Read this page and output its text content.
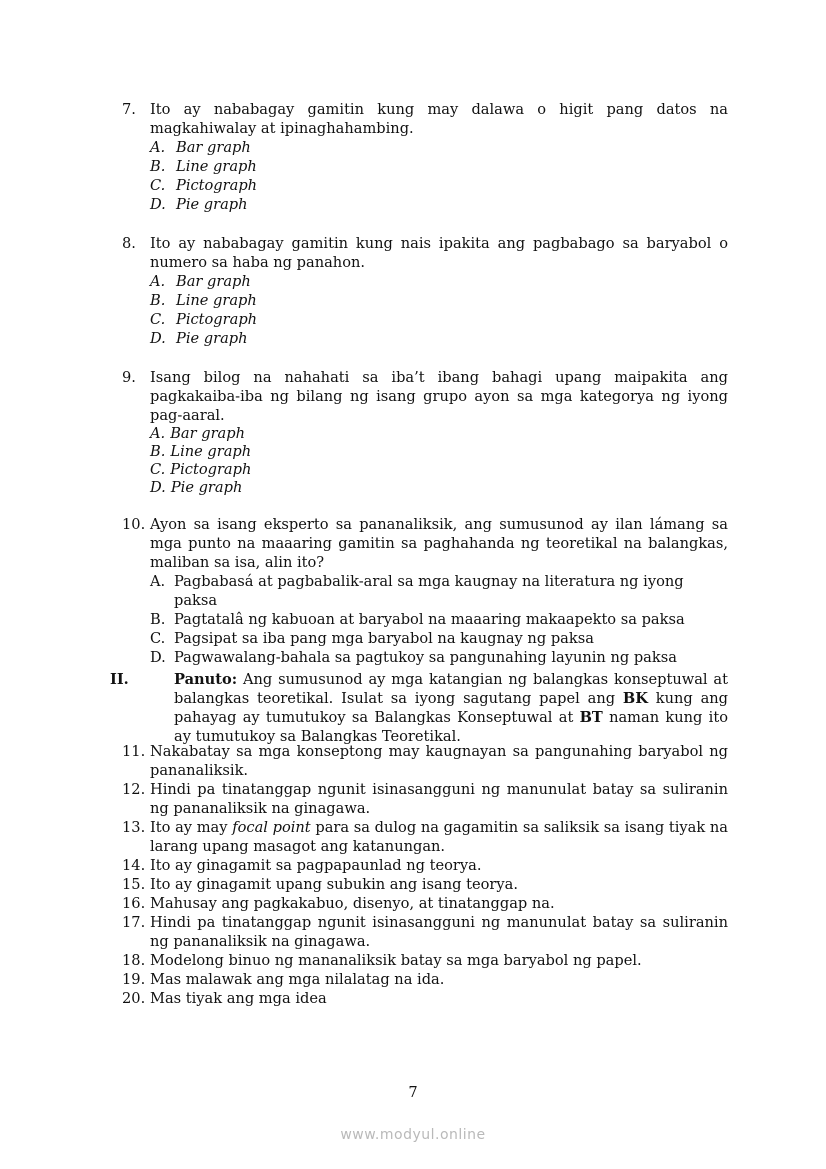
7. Ito ay nababagay gamitin kung may dalawa o higit pang datos na magkahiwalay at ipinaghahambing.
A. Bar graph
B. Line graph
C. Pictograph
D. Pie graph
8. Ito ay nababagay gamitin kung nais ipakita ang pagbabago sa baryabol o numero sa haba ng panahon.
A. Bar graph
B. Line graph
C. Pictograph
D. Pie graph
9. Isang bilog na nahahati sa iba’t ibang bahagi upang maipakita ang pagkakaiba-iba ng bilang ng isang grupo ayon sa mga kategorya ng iyong pag-aaral.
A. Bar graph
B. Line graph
C. Pictograph
D. Pie graph
10. Ayon sa isang eksperto sa pananaliksik, ang sumusunod ay ilan lámang sa mga punto na maaaring gamitin sa paghahanda ng teoretikal na balangkas, maliban sa isa, alin ito?
A. Pagbabasá at pagbabalik-aral sa mga kaugnay na literatura ng iyong paksa
B. Pagtatalâ ng kabuoan at baryabol na maaaring makaapekto sa paksa
C. Pagsipat sa iba pang mga baryabol na kaugnay ng paksa
D. Pagwawalang-bahala sa pagtukoy sa pangunahing layunin ng paksa
II.	Panuto: Ang sumusunod ay mga katangian ng balangkas konseptuwal at balangkas teoretikal. Isulat sa iyong sagutang papel ang BK kung ang pahayag ay tumutukoy sa Balangkas Konseptuwal at BT naman kung ito ay tumutukoy sa Balangkas Teoretikal.
11. Nakabatay sa mga konseptong may kaugnayan sa pangunahing baryabol ng pananaliksik.
12. Hindi pa tinatanggap ngunit isinasangguni ng manunulat batay sa suliranin ng pananaliksik na ginagawa.
13. Ito ay may focal point para sa dulog na gagamitin sa saliksik sa isang tiyak na larang upang masagot ang katanungan.
14. Ito ay ginagamit sa pagpapaunlad ng teorya.
15. Ito ay ginagamit upang subukin ang isang teorya.
16. Mahusay ang pagkakabuo, disenyo, at tinatanggap na.
17. Hindi pa tinatanggap ngunit isinasangguni ng manunulat batay sa suliranin ng pananaliksik na ginagawa.
18. Modelong binuo ng mananaliksik batay sa mga baryabol ng papel.
19. Mas malawak ang mga nilalatag na ida.
20. Mas tiyak ang mga idea
7
www.modyul.online
